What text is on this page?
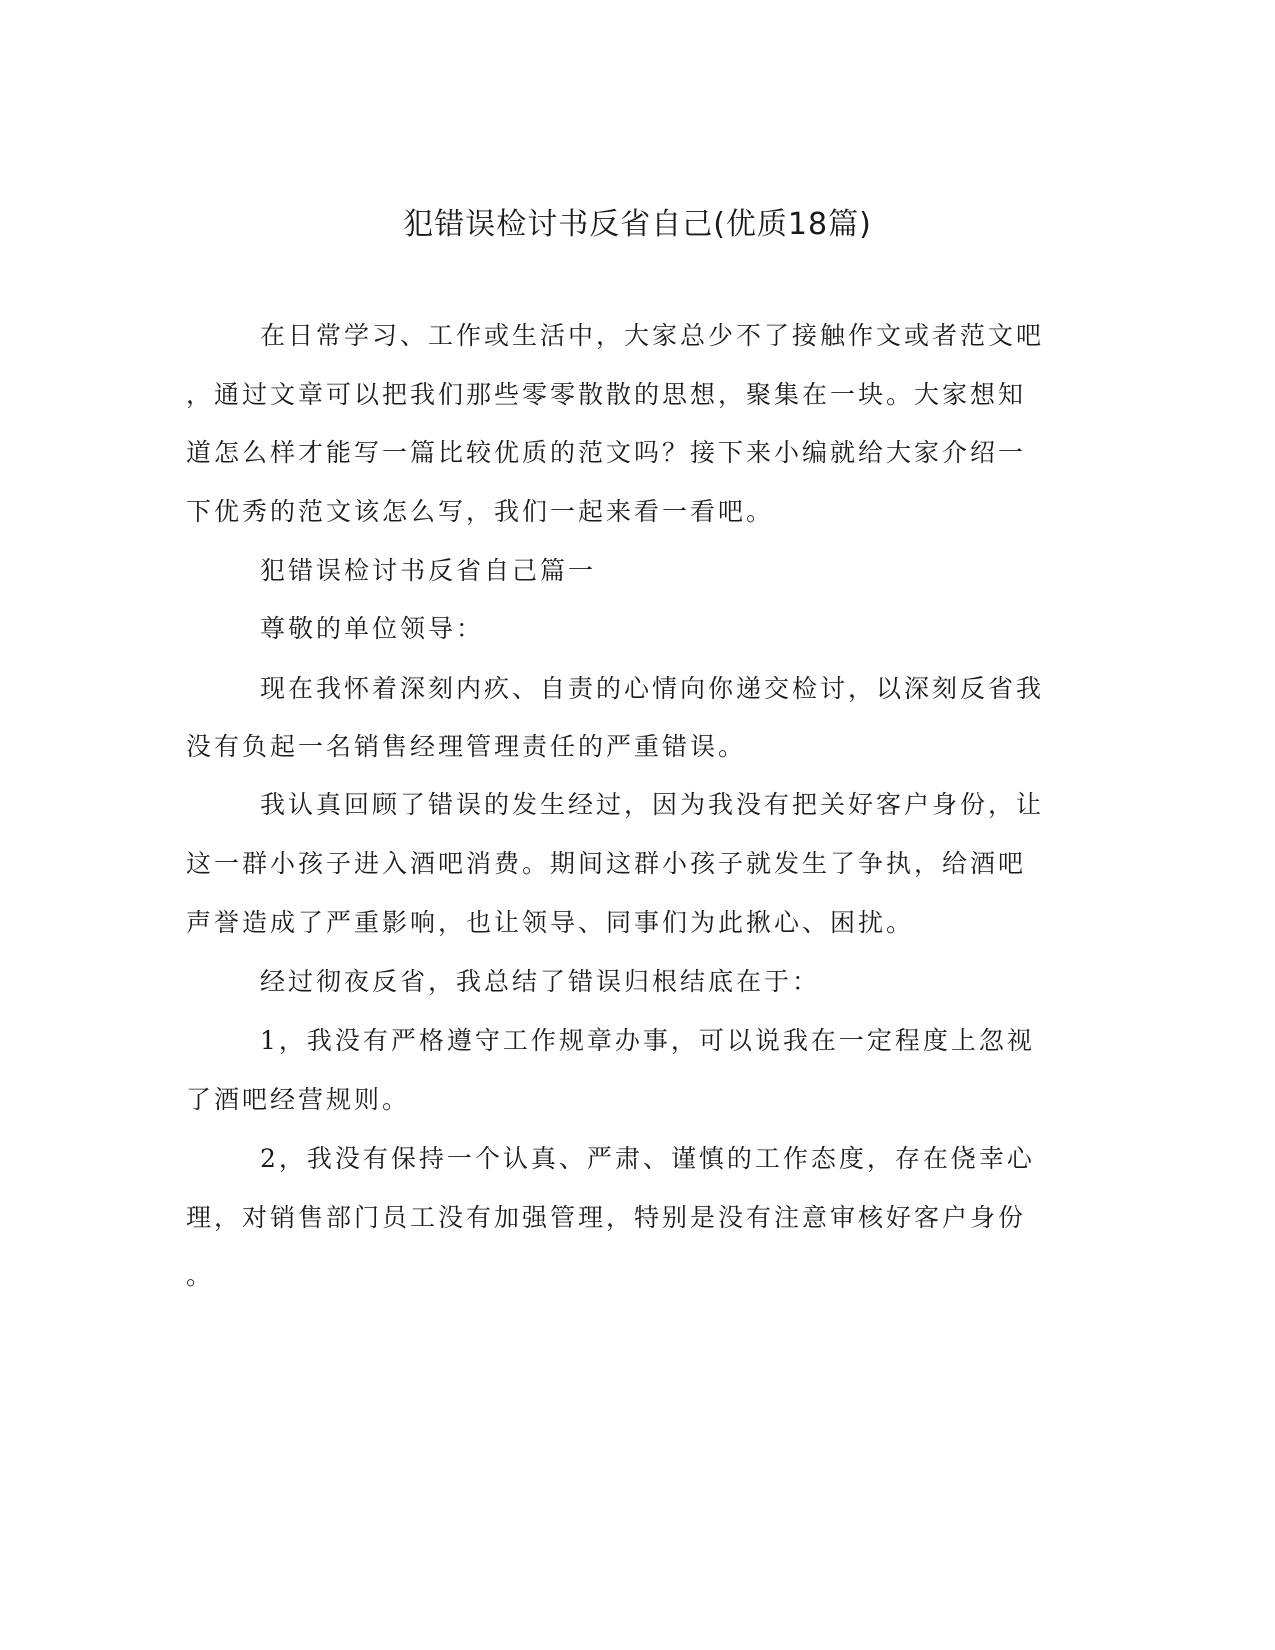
犯错误检讨书反省自己(优质18篇)
在日常学习、工作或生活中，大家总少不了接触作文或者范文吧
，通过文章可以把我们那些零零散散的思想，聚集在一块。大家想知
道怎么样才能写一篇比较优质的范文吗？接下来小编就给大家介绍一
下优秀的范文该怎么写，我们一起来看一看吧。
犯错误检讨书反省自己篇一
尊敬的单位领导：
现在我怀着深刻内疚、自责的心情向你递交检讨，以深刻反省我
没有负起一名销售经理管理责任的严重错误。
我认真回顾了错误的发生经过，因为我没有把关好客户身份，让
这一群小孩子进入酒吧消费。期间这群小孩子就发生了争执，给酒吧
声誉造成了严重影响，也让领导、同事们为此揪心、困扰。
经过彻夜反省，我总结了错误归根结底在于：
1，我没有严格遵守工作规章办事，可以说我在一定程度上忽视
了酒吧经营规则。
2，我没有保持一个认真、严肃、谨慎的工作态度，存在侥幸心
理，对销售部门员工没有加强管理，特别是没有注意审核好客户身份
。
